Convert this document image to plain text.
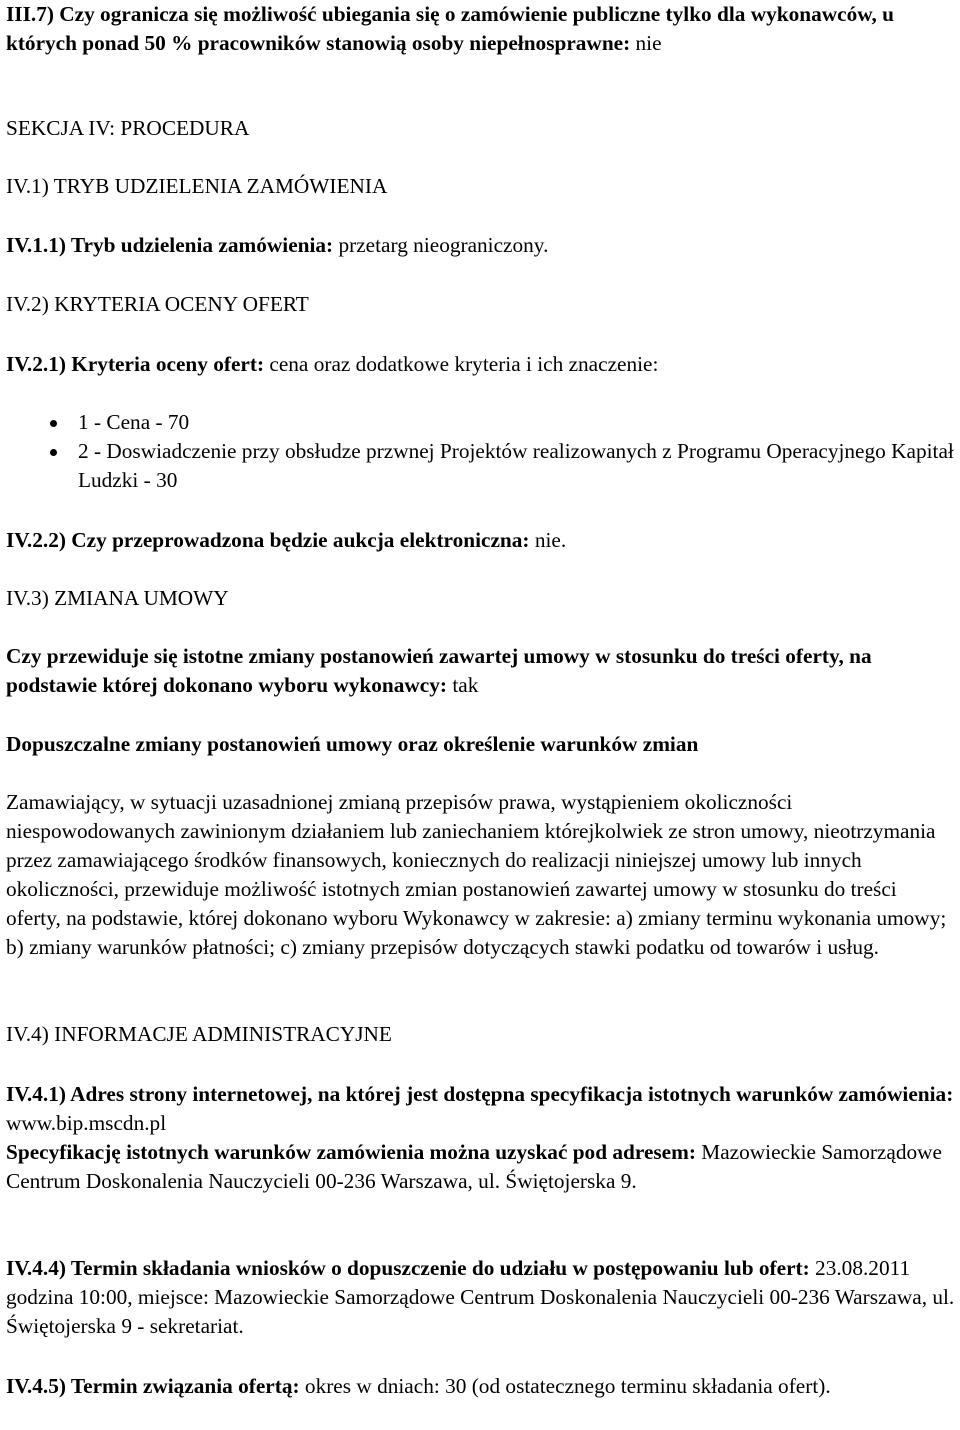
III.7) Czy ogranicza się możliwość ubiegania się o zamówienie publiczne tylko dla wykonawców, u których ponad 50 % pracowników stanowią osoby niepełnosprawne: nie

SEKCJA IV: PROCEDURA

IV.1) TRYB UDZIELENIA ZAMÓWIENIA

IV.1.1) Tryb udzielenia zamówienia: przetarg nieograniczony.

IV.2) KRYTERIA OCENY OFERT

IV.2.1) Kryteria oceny ofert: cena oraz dodatkowe kryteria i ich znaczenie:

1 - Cena - 70
2 - Doswiadczenie przy obsłudze przwnej Projektów realizowanych z Programu Operacyjnego Kapitał Ludzki - 30

IV.2.2) Czy przeprowadzona będzie aukcja elektroniczna: nie.

IV.3) ZMIANA UMOWY

Czy przewiduje się istotne zmiany postanowień zawartej umowy w stosunku do treści oferty, na podstawie której dokonano wyboru wykonawcy: tak

Dopuszczalne zmiany postanowień umowy oraz określenie warunków zmian

Zamawiający, w sytuacji uzasadnionej zmianą przepisów prawa, wystąpieniem okoliczności niespowodowanych zawinionym działaniem lub zaniechaniem którejkolwiek ze stron umowy, nieotrzymania przez zamawiającego środków finansowych, koniecznych do realizacji niniejszej umowy lub innych okoliczności, przewiduje możliwość istotnych zmian postanowień zawartej umowy w stosunku do treści oferty, na podstawie, której dokonano wyboru Wykonawcy w zakresie: a) zmiany terminu wykonania umowy; b) zmiany warunków płatności; c) zmiany przepisów dotyczących stawki podatku od towarów i usług.

IV.4) INFORMACJE ADMINISTRACYJNE

IV.4.1) Adres strony internetowej, na której jest dostępna specyfikacja istotnych warunków zamówienia: www.bip.mscdn.pl

Specyfikację istotnych warunków zamówienia można uzyskać pod adresem: Mazowieckie Samorządowe Centrum Doskonalenia Nauczycieli 00-236 Warszawa, ul. Świętojerska 9.

IV.4.4) Termin składania wniosków o dopuszczenie do udziału w postępowaniu lub ofert: 23.08.2011 godzina 10:00, miejsce: Mazowieckie Samorządowe Centrum Doskonalenia Nauczycieli 00-236 Warszawa, ul. Świętojerska 9 - sekretariat.

IV.4.5) Termin związania ofertą: okres w dniach: 30 (od ostatecznego terminu składania ofert).
